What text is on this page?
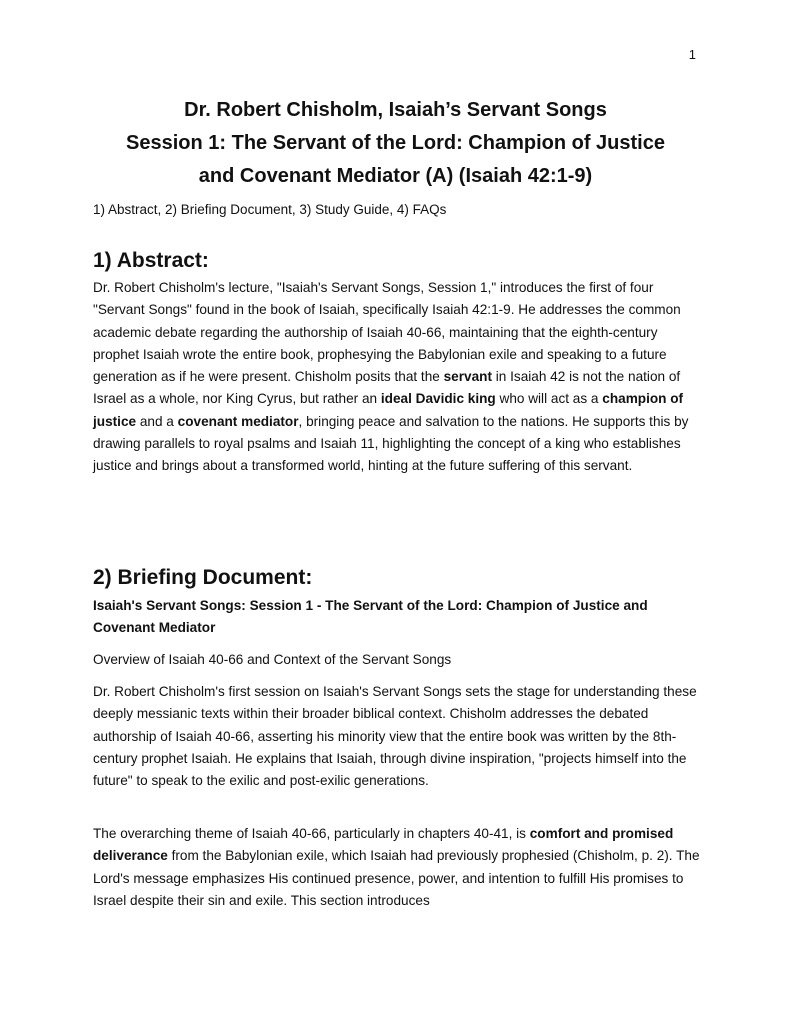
1
Dr. Robert Chisholm, Isaiah’s Servant Songs
Session 1: The Servant of the Lord: Champion of Justice
and Covenant Mediator (A) (Isaiah 42:1-9)
1) Abstract, 2) Briefing Document, 3) Study Guide, 4) FAQs
1) Abstract:
Dr. Robert Chisholm's lecture, "Isaiah's Servant Songs, Session 1," introduces the first of four "Servant Songs" found in the book of Isaiah, specifically Isaiah 42:1-9. He addresses the common academic debate regarding the authorship of Isaiah 40-66, maintaining that the eighth-century prophet Isaiah wrote the entire book, prophesying the Babylonian exile and speaking to a future generation as if he were present. Chisholm posits that the servant in Isaiah 42 is not the nation of Israel as a whole, nor King Cyrus, but rather an ideal Davidic king who will act as a champion of justice and a covenant mediator, bringing peace and salvation to the nations. He supports this by drawing parallels to royal psalms and Isaiah 11, highlighting the concept of a king who establishes justice and brings about a transformed world, hinting at the future suffering of this servant.
2) Briefing Document:
Isaiah's Servant Songs: Session 1 - The Servant of the Lord: Champion of Justice and Covenant Mediator
Overview of Isaiah 40-66 and Context of the Servant Songs
Dr. Robert Chisholm's first session on Isaiah's Servant Songs sets the stage for understanding these deeply messianic texts within their broader biblical context. Chisholm addresses the debated authorship of Isaiah 40-66, asserting his minority view that the entire book was written by the 8th-century prophet Isaiah. He explains that Isaiah, through divine inspiration, "projects himself into the future" to speak to the exilic and post-exilic generations.
The overarching theme of Isaiah 40-66, particularly in chapters 40-41, is comfort and promised deliverance from the Babylonian exile, which Isaiah had previously prophesied (Chisholm, p. 2). The Lord's message emphasizes His continued presence, power, and intention to fulfill His promises to Israel despite their sin and exile. This section introduces
